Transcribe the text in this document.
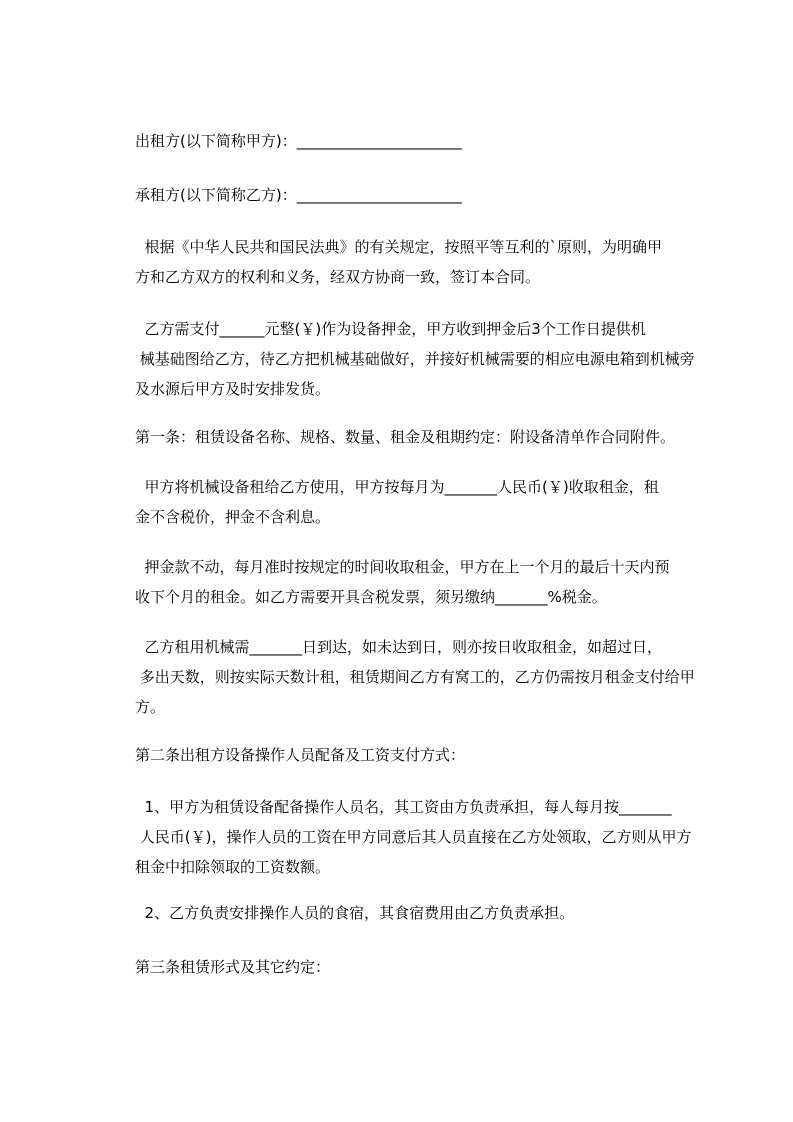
出租方(以下简称甲方)：______________________

承租方(以下简称乙方)：______________________

根据《中华人民共和国民法典》的有关规定，按照平等互利的`原则，为明确甲
方和乙方双方的权利和义务，经双方协商一致，签订本合同。

乙方需支付______元整(￥)作为设备押金，甲方收到押金后3个工作日提供机
械基础图给乙方，待乙方把机械基础做好，并接好机械需要的相应电源电箱到机械旁
及水源后甲方及时安排发货。

第一条：租赁设备名称、规格、数量、租金及租期约定：附设备清单作合同附件。

甲方将机械设备租给乙方使用，甲方按每月为_______人民币(￥)收取租金，租
金不含税价，押金不含利息。

押金款不动，每月准时按规定的时间收取租金，甲方在上一个月的最后十天内预
收下个月的租金。如乙方需要开具含税发票，须另缴纳_______%税金。

乙方租用机械需_______日到达，如未达到日，则亦按日收取租金，如超过日，
多出天数，则按实际天数计租，租赁期间乙方有窝工的，乙方仍需按月租金支付给甲
方。

第二条出租方设备操作人员配备及工资支付方式：

1、甲方为租赁设备配备操作人员名，其工资由方负责承担，每人每月按_______
人民币(￥)，操作人员的工资在甲方同意后其人员直接在乙方处领取，乙方则从甲方
租金中扣除领取的工资数额。

2、乙方负责安排操作人员的食宿，其食宿费用由乙方负责承担。

第三条租赁形式及其它约定：
